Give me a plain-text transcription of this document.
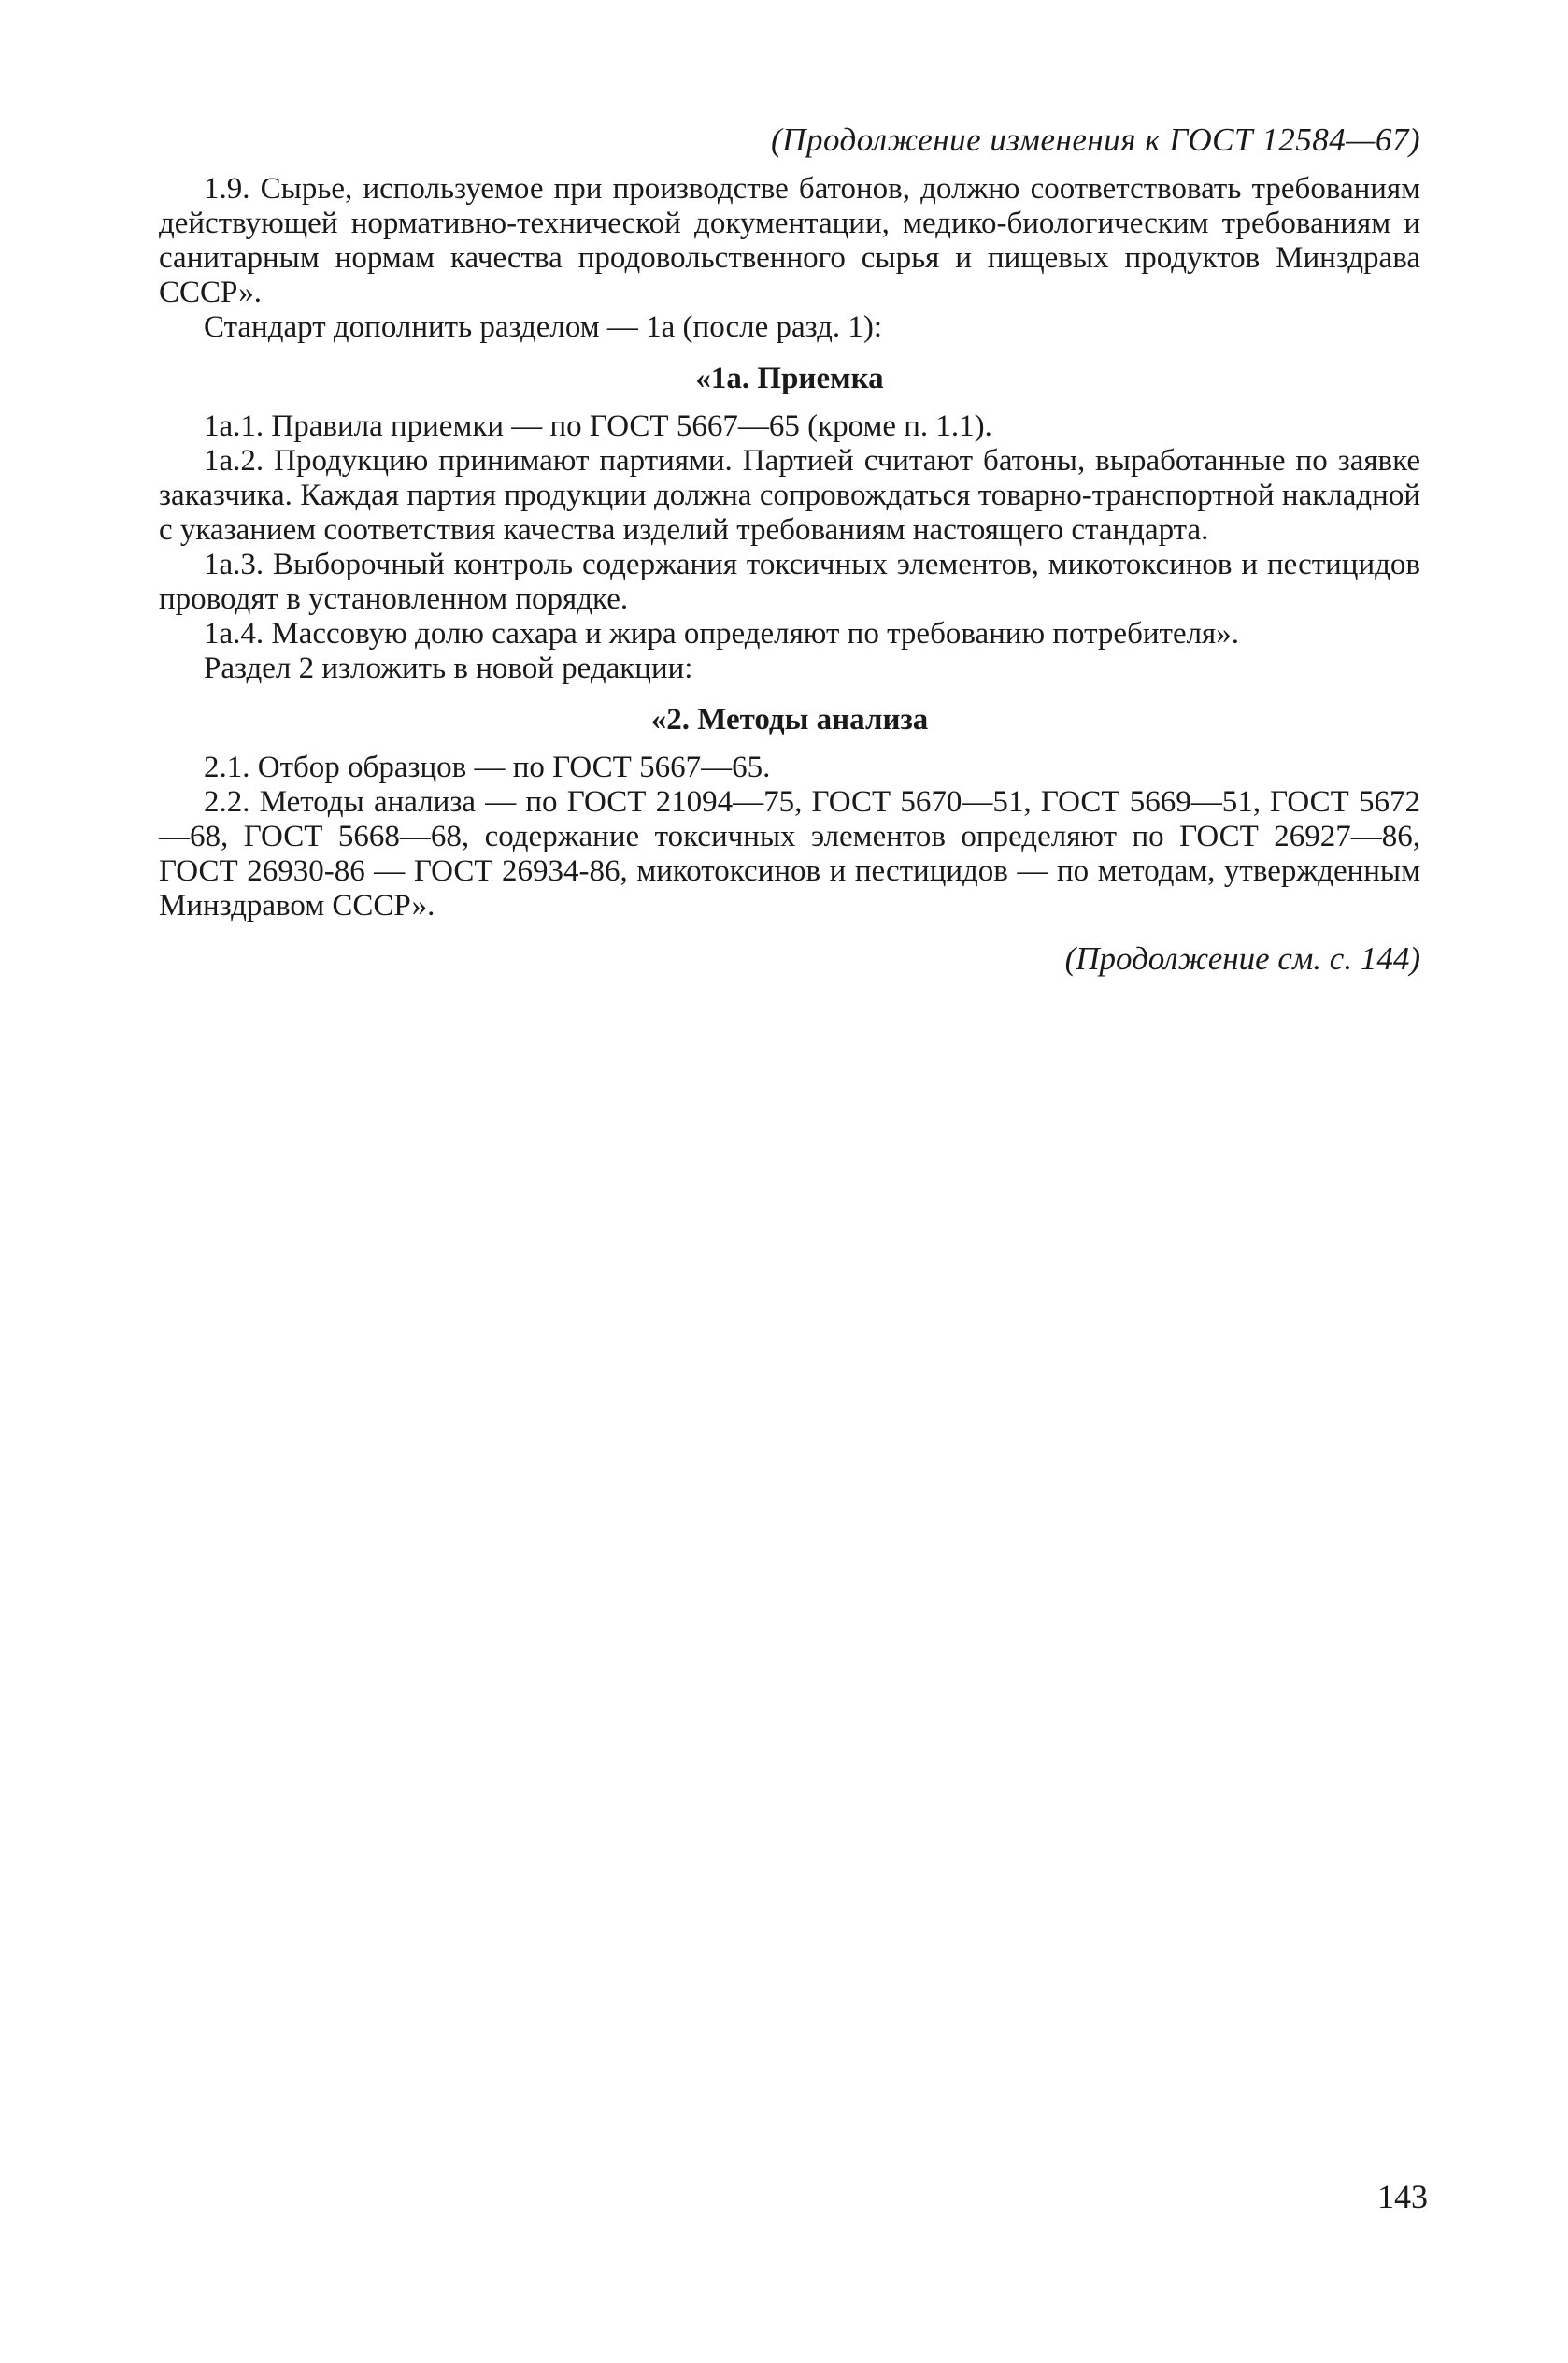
(Продолжение изменения к ГОСТ 12584—67)

1.9. Сырье, используемое при производстве батонов, должно соответствовать требованиям действующей нормативно-технической документации, медико-биологическим требованиям и санитарным нормам качества продовольственного сырья и пищевых продуктов Минздрава СССР».

Стандарт дополнить разделом — 1а (после разд. 1):

«1а. Приемка

1а.1. Правила приемки — по ГОСТ 5667—65 (кроме п. 1.1).

1а.2. Продукцию принимают партиями. Партией считают батоны, выработанные по заявке заказчика. Каждая партия продукции должна сопровождаться товарно-транспортной накладной с указанием соответствия качества изделий требованиям настоящего стандарта.

1а.3. Выборочный контроль содержания токсичных элементов, микотоксинов и пестицидов проводят в установленном порядке.

1а.4. Массовую долю сахара и жира определяют по требованию потребителя».

Раздел 2 изложить в новой редакции:

«2. Методы анализа

2.1. Отбор образцов — по ГОСТ 5667—65.

2.2. Методы анализа — по ГОСТ 21094—75, ГОСТ 5670—51, ГОСТ 5669—51, ГОСТ 5672—68, ГОСТ 5668—68, содержание токсичных элементов определяют по ГОСТ 26927—86, ГОСТ 26930-86 — ГОСТ 26934-86, микотоксинов и пестицидов — по методам, утвержденным Минздравом СССР».

(Продолжение см. с. 144)
143
